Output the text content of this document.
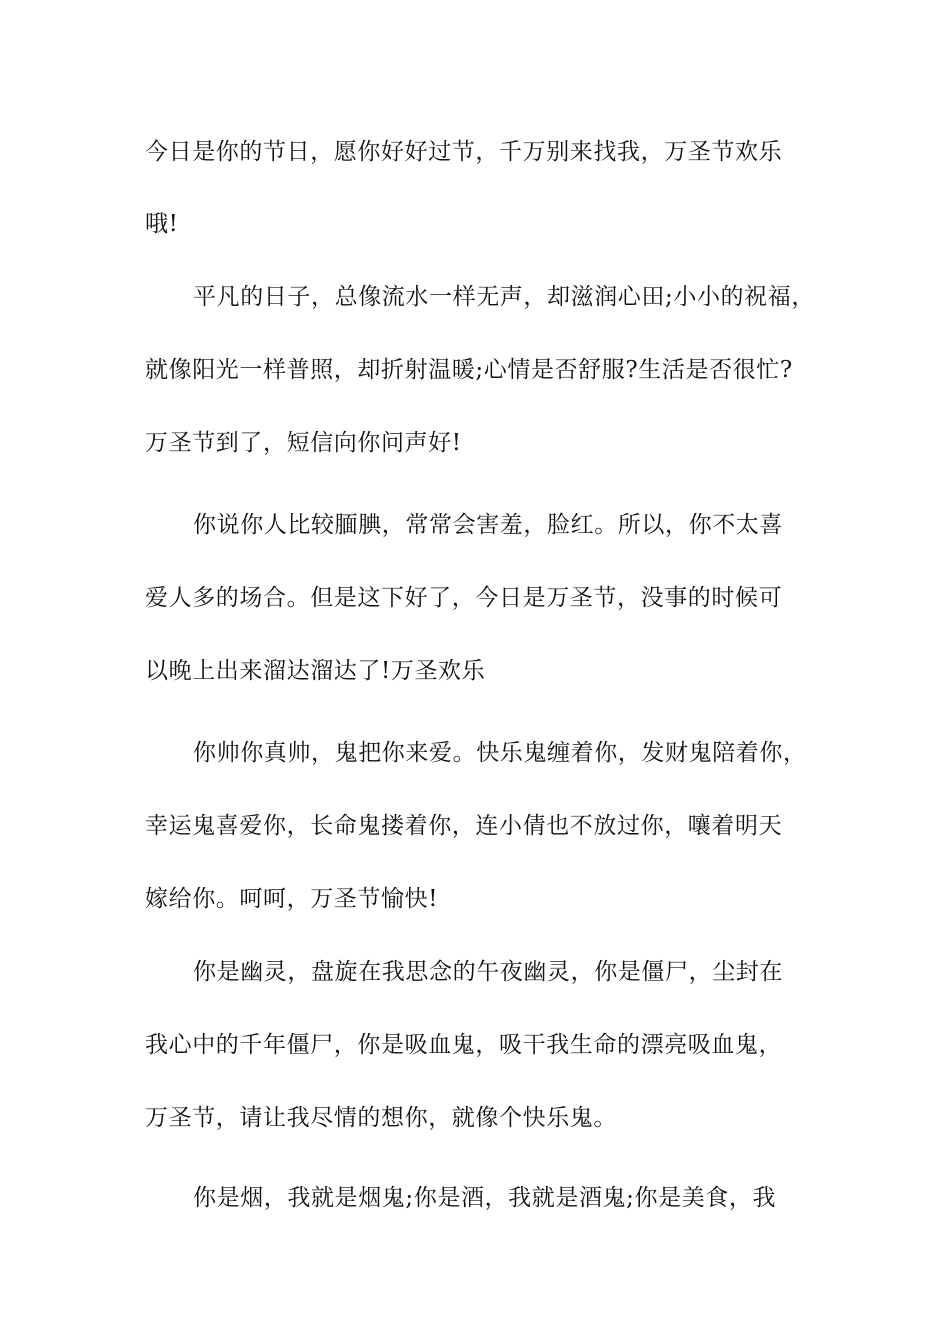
今日是你的节日，愿你好好过节，千万别来找我，万圣节欢乐
哦!
平凡的日子，总像流水一样无声，却滋润心田;小小的祝福，
就像阳光一样普照，却折射温暖;心情是否舒服?生活是否很忙?
万圣节到了，短信向你问声好!
你说你人比较腼腆，常常会害羞，脸红。所以，你不太喜
爱人多的场合。但是这下好了，今日是万圣节，没事的时候可
以晚上出来溜达溜达了!万圣欢乐
你帅你真帅，鬼把你来爱。快乐鬼缠着你，发财鬼陪着你，
幸运鬼喜爱你，长命鬼搂着你，连小倩也不放过你，嚷着明天
嫁给你。呵呵，万圣节愉快!
你是幽灵，盘旋在我思念的午夜幽灵，你是僵尸，尘封在
我心中的千年僵尸，你是吸血鬼，吸干我生命的漂亮吸血鬼，
万圣节，请让我尽情的想你，就像个快乐鬼。
你是烟，我就是烟鬼;你是酒，我就是酒鬼;你是美食，我
